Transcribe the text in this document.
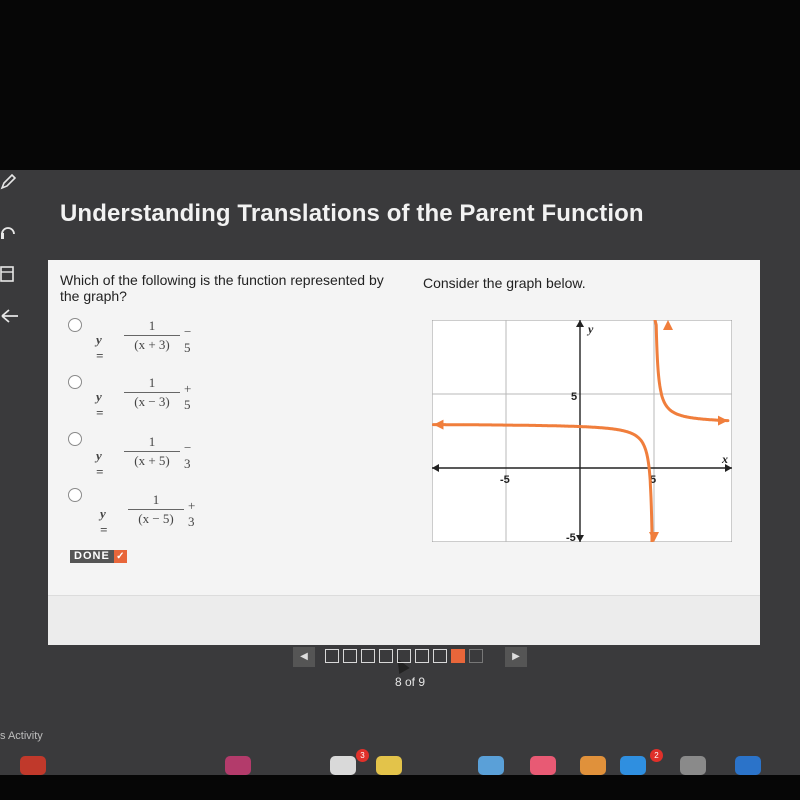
Understanding Translations of the Parent Function
Which of the following is the function represented by the graph?
Consider the graph below.
y =
1
(x + 3)
− 5
y =
1
(x − 3)
+ 5
y =
1
(x + 5)
− 3
y =
1
(x − 5)
+ 3
DONE ✓
y
x
5
-5
-5	5
◀	▶
8 of 9
s Activity
3	2
